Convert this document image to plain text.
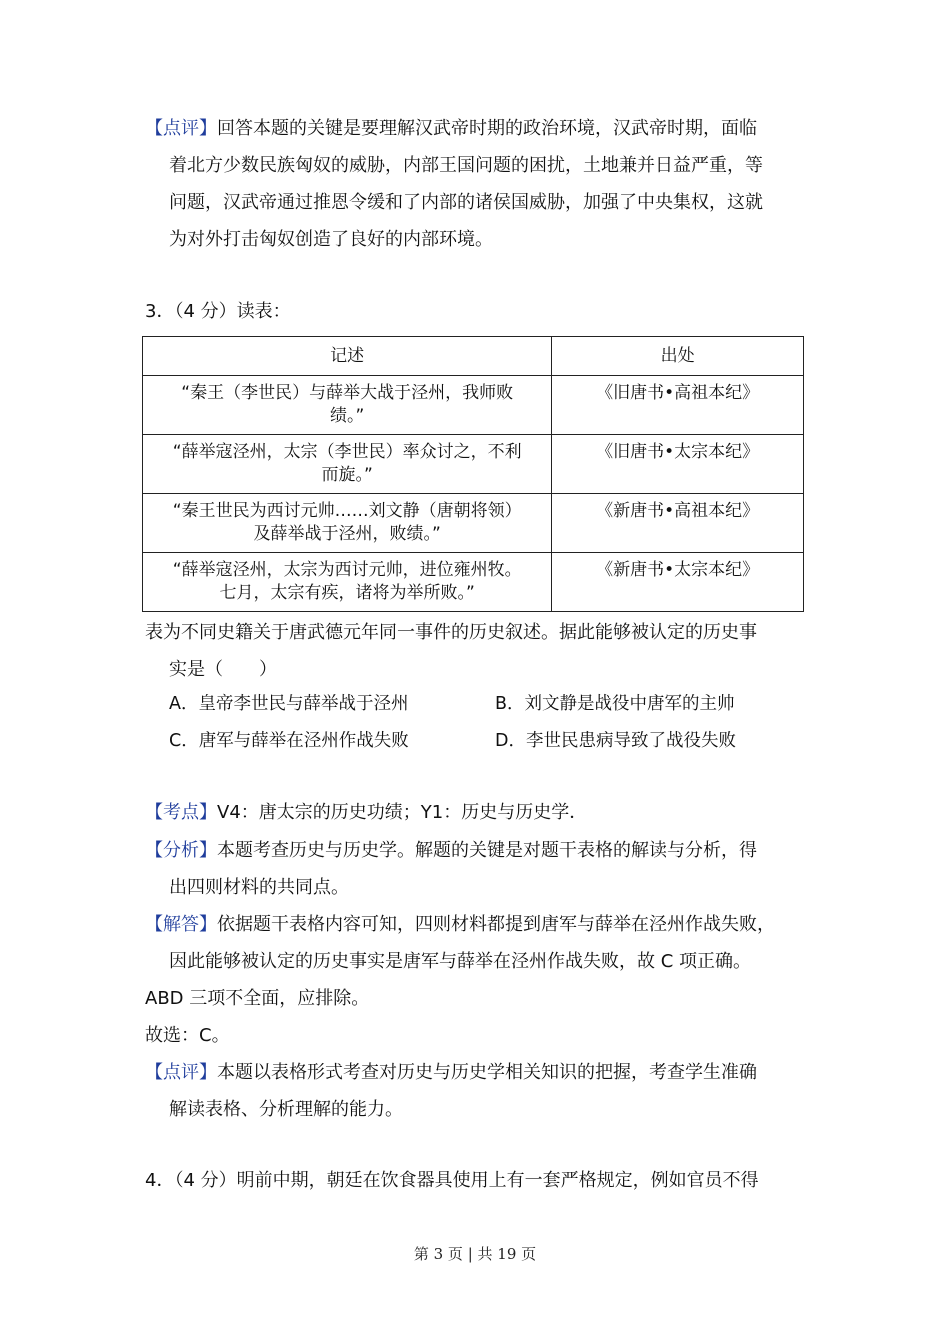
【点评】回答本题的关键是要理解汉武帝时期的政治环境，汉武帝时期，面临
着北方少数民族匈奴的威胁，内部王国问题的困扰，土地兼并日益严重，等
问题，汉武帝通过推恩令缓和了内部的诸侯国威胁，加强了中央集权，这就
为对外打击匈奴创造了良好的内部环境。
3．（4 分）读表：
记述	出处

“秦王（李世民）与薛举大战于泾州，我师败
绩。”	《旧唐书•高祖本纪》

“薛举寇泾州，太宗（李世民）率众讨之，不利
而旋。”	《旧唐书•太宗本纪》

“秦王世民为西讨元帅……刘文静（唐朝将领）
及薛举战于泾州，败绩。”	《新唐书•高祖本纪》

“薛举寇泾州，太宗为西讨元帅，进位雍州牧。
七月，太宗有疾，诸将为举所败。”	《新唐书•太宗本纪》
表为不同史籍关于唐武德元年同一事件的历史叙述。据此能够被认定的历史事
实是（　　）
A．皇帝李世民与薛举战于泾州	B．刘文静是战役中唐军的主帅
C．唐军与薛举在泾州作战失败	D．李世民患病导致了战役失败
【考点】V4：唐太宗的历史功绩；Y1：历史与历史学．
【分析】本题考查历史与历史学。解题的关键是对题干表格的解读与分析，得
出四则材料的共同点。
【解答】依据题干表格内容可知，四则材料都提到唐军与薛举在泾州作战失败，
因此能够被认定的历史事实是唐军与薛举在泾州作战失败，故 C 项正确。
ABD 三项不全面，应排除。
故选：C。
【点评】本题以表格形式考查对历史与历史学相关知识的把握，考查学生准确
解读表格、分析理解的能力。
4．（4 分）明前中期，朝廷在饮食器具使用上有一套严格规定，例如官员不得
第 3 页 | 共 19 页
